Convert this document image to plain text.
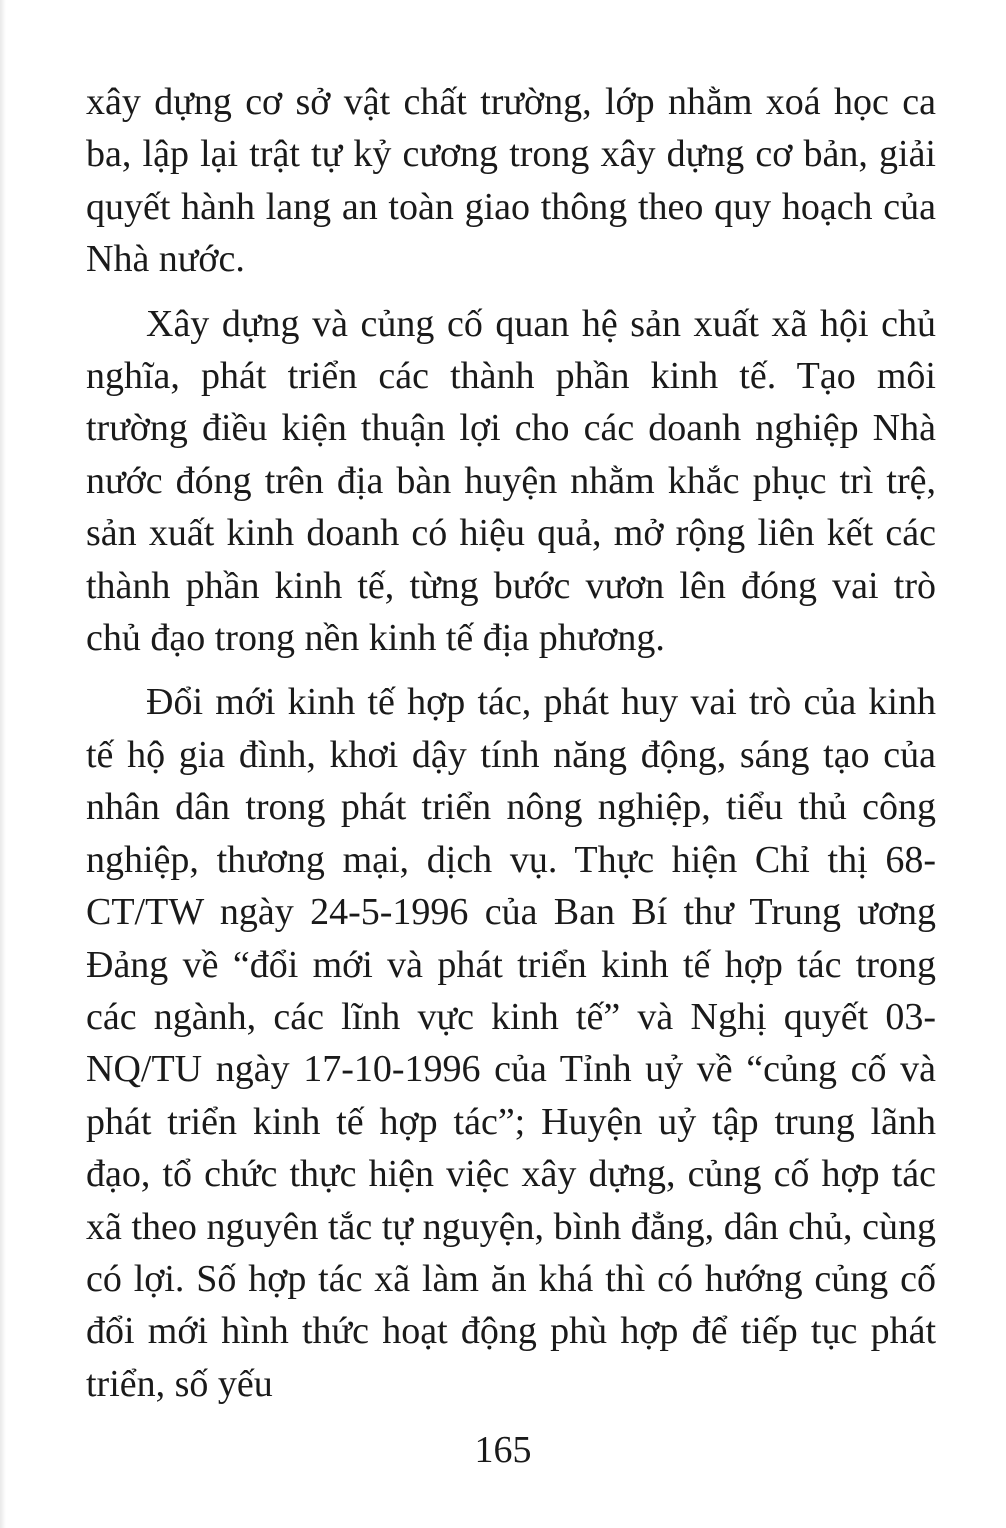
xây dựng cơ sở vật chất trường, lớp nhằm xoá học ca ba, lập lại trật tự kỷ cương trong xây dựng cơ bản, giải quyết hành lang an toàn giao thông theo quy hoạch của Nhà nước.

Xây dựng và củng cố quan hệ sản xuất xã hội chủ nghĩa, phát triển các thành phần kinh tế. Tạo môi trường điều kiện thuận lợi cho các doanh nghiệp Nhà nước đóng trên địa bàn huyện nhằm khắc phục trì trệ, sản xuất kinh doanh có hiệu quả, mở rộng liên kết các thành phần kinh tế, từng bước vươn lên đóng vai trò chủ đạo trong nền kinh tế địa phương.

Đổi mới kinh tế hợp tác, phát huy vai trò của kinh tế hộ gia đình, khơi dậy tính năng động, sáng tạo của nhân dân trong phát triển nông nghiệp, tiểu thủ công nghiệp, thương mại, dịch vụ. Thực hiện Chỉ thị 68-CT/TW ngày 24-5-1996 của Ban Bí thư Trung ương Đảng về “đổi mới và phát triển kinh tế hợp tác trong các ngành, các lĩnh vực kinh tế” và Nghị quyết 03-NQ/TU ngày 17-10-1996 của Tỉnh uỷ về “củng cố và phát triển kinh tế hợp tác”; Huyện uỷ tập trung lãnh đạo, tổ chức thực hiện việc xây dựng, củng cố hợp tác xã theo nguyên tắc tự nguyện, bình đẳng, dân chủ, cùng có lợi. Số hợp tác xã làm ăn khá thì có hướng củng cố đổi mới hình thức hoạt động phù hợp để tiếp tục phát triển, số yếu

165
